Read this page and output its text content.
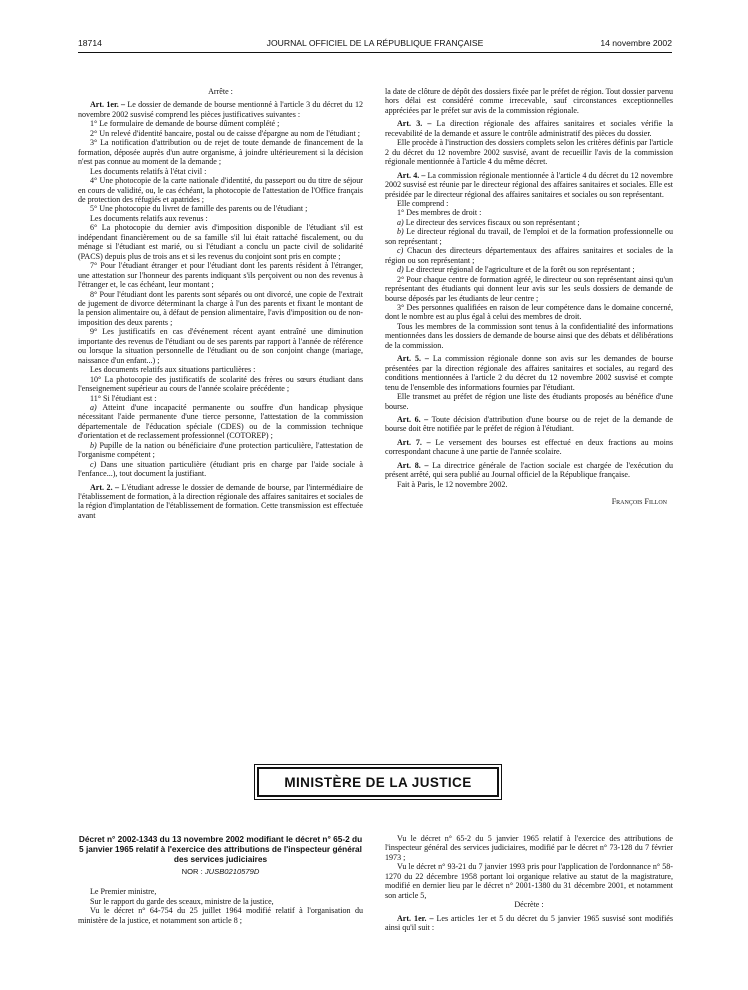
18714	JOURNAL OFFICIEL DE LA RÉPUBLIQUE FRANÇAISE	14 novembre 2002

Arrête :

Art. 1er. – Le dossier de demande de bourse mentionné à l'article 3 du décret du 12 novembre 2002 susvisé comprend les pièces justificatives suivantes :

1° Le formulaire de demande de bourse dûment complété ;

2° Un relevé d'identité bancaire, postal ou de caisse d'épargne au nom de l'étudiant ;

3° La notification d'attribution ou de rejet de toute demande de financement de la formation, déposée auprès d'un autre organisme, à joindre ultérieurement si la décision n'est pas connue au moment de la demande ;

Les documents relatifs à l'état civil :

4° Une photocopie de la carte nationale d'identité, du passeport ou du titre de séjour en cours de validité, ou, le cas échéant, la photocopie de l'attestation de l'Office français de protection des réfugiés et apatrides ;

5° Une photocopie du livret de famille des parents ou de l'étudiant ;

Les documents relatifs aux revenus :

6° La photocopie du dernier avis d'imposition disponible de l'étudiant s'il est indépendant financièrement ou de sa famille s'il lui était rattaché fiscalement, ou du ménage si l'étudiant est marié, ou si l'étudiant a conclu un pacte civil de solidarité (PACS) depuis plus de trois ans et si les revenus du conjoint sont pris en compte ;

7° Pour l'étudiant étranger et pour l'étudiant dont les parents résident à l'étranger, une attestation sur l'honneur des parents indiquant s'ils perçoivent ou non des revenus à l'étranger et, le cas échéant, leur montant ;

8° Pour l'étudiant dont les parents sont séparés ou ont divorcé, une copie de l'extrait de jugement de divorce déterminant la charge à l'un des parents et fixant le montant de la pension alimentaire ou, à défaut de pension alimentaire, l'avis d'imposition ou de non-imposition des deux parents ;

9° Les justificatifs en cas d'événement récent ayant entraîné une diminution importante des revenus de l'étudiant ou de ses parents par rapport à l'année de référence ou lorsque la situation personnelle de l'étudiant ou de son conjoint change (mariage, naissance d'un enfant...) ;

Les documents relatifs aux situations particulières :

10° La photocopie des justificatifs de scolarité des frères ou sœurs étudiant dans l'enseignement supérieur au cours de l'année scolaire précédente ;

11° Si l'étudiant est :

a) Atteint d'une incapacité permanente ou souffre d'un handicap physique nécessitant l'aide permanente d'une tierce personne, l'attestation de la commission départementale de l'éducation spéciale (CDES) ou de la commission technique d'orientation et de reclassement professionnel (COTOREP) ;

b) Pupille de la nation ou bénéficiaire d'une protection particulière, l'attestation de l'organisme compétent ;

c) Dans une situation particulière (étudiant pris en charge par l'aide sociale à l'enfance...), tout document la justifiant.

Art. 2. – L'étudiant adresse le dossier de demande de bourse, par l'intermédiaire de l'établissement de formation, à la direction régionale des affaires sanitaires et sociales de la région d'implantation de l'établissement de formation. Cette transmission est effectuée avant

la date de clôture de dépôt des dossiers fixée par le préfet de région. Tout dossier parvenu hors délai est considéré comme irrecevable, sauf circonstances exceptionnelles appréciées par le préfet sur avis de la commission régionale.

Art. 3. – La direction régionale des affaires sanitaires et sociales vérifie la recevabilité de la demande et assure le contrôle administratif des pièces du dossier.

Elle procède à l'instruction des dossiers complets selon les critères définis par l'article 2 du décret du 12 novembre 2002 susvisé, avant de recueillir l'avis de la commission régionale mentionnée à l'article 4 du même décret.

Art. 4. – La commission régionale mentionnée à l'article 4 du décret du 12 novembre 2002 susvisé est réunie par le directeur régional des affaires sanitaires et sociales. Elle est présidée par le directeur régional des affaires sanitaires et sociales ou son représentant.

Elle comprend :

1° Des membres de droit :

a) Le directeur des services fiscaux ou son représentant ;

b) Le directeur régional du travail, de l'emploi et de la formation professionnelle ou son représentant ;

c) Chacun des directeurs départementaux des affaires sanitaires et sociales de la région ou son représentant ;

d) Le directeur régional de l'agriculture et de la forêt ou son représentant ;

2° Pour chaque centre de formation agréé, le directeur ou son représentant ainsi qu'un représentant des étudiants qui donnent leur avis sur les seuls dossiers de demande de bourse déposés par les étudiants de leur centre ;

3° Des personnes qualifiées en raison de leur compétence dans le domaine concerné, dont le nombre est au plus égal à celui des membres de droit.

Tous les membres de la commission sont tenus à la confidentialité des informations mentionnées dans les dossiers de demande de bourse ainsi que des débats et délibérations de la commission.

Art. 5. – La commission régionale donne son avis sur les demandes de bourse présentées par la direction régionale des affaires sanitaires et sociales, au regard des conditions mentionnées à l'article 2 du décret du 12 novembre 2002 susvisé et compte tenu de l'ensemble des informations fournies par l'étudiant.

Elle transmet au préfet de région une liste des étudiants proposés au bénéfice d'une bourse.

Art. 6. – Toute décision d'attribution d'une bourse ou de rejet de la demande de bourse doit être notifiée par le préfet de région à l'étudiant.

Art. 7. – Le versement des bourses est effectué en deux fractions au moins correspondant chacune à une partie de l'année scolaire.

Art. 8. – La directrice générale de l'action sociale est chargée de l'exécution du présent arrêté, qui sera publié au Journal officiel de la République française.

Fait à Paris, le 12 novembre 2002.

François Fillon

MINISTÈRE DE LA JUSTICE

Décret n° 2002-1343 du 13 novembre 2002 modifiant le décret n° 65-2 du 5 janvier 1965 relatif à l'exercice des attributions de l'inspecteur général des services judiciaires

NOR : JUSB0210579D

Le Premier ministre,

Sur le rapport du garde des sceaux, ministre de la justice,

Vu le décret n° 64-754 du 25 juillet 1964 modifié relatif à l'organisation du ministère de la justice, et notamment son article 8 ;

Vu le décret n° 65-2 du 5 janvier 1965 relatif à l'exercice des attributions de l'inspecteur général des services judiciaires, modifié par le décret n° 73-128 du 7 février 1973 ;

Vu le décret n° 93-21 du 7 janvier 1993 pris pour l'application de l'ordonnance n° 58-1270 du 22 décembre 1958 portant loi organique relative au statut de la magistrature, modifié en dernier lieu par le décret n° 2001-1380 du 31 décembre 2001, et notamment son article 5,

Décrète :

Art. 1er. – Les articles 1er et 5 du décret du 5 janvier 1965 susvisé sont modifiés ainsi qu'il suit :
